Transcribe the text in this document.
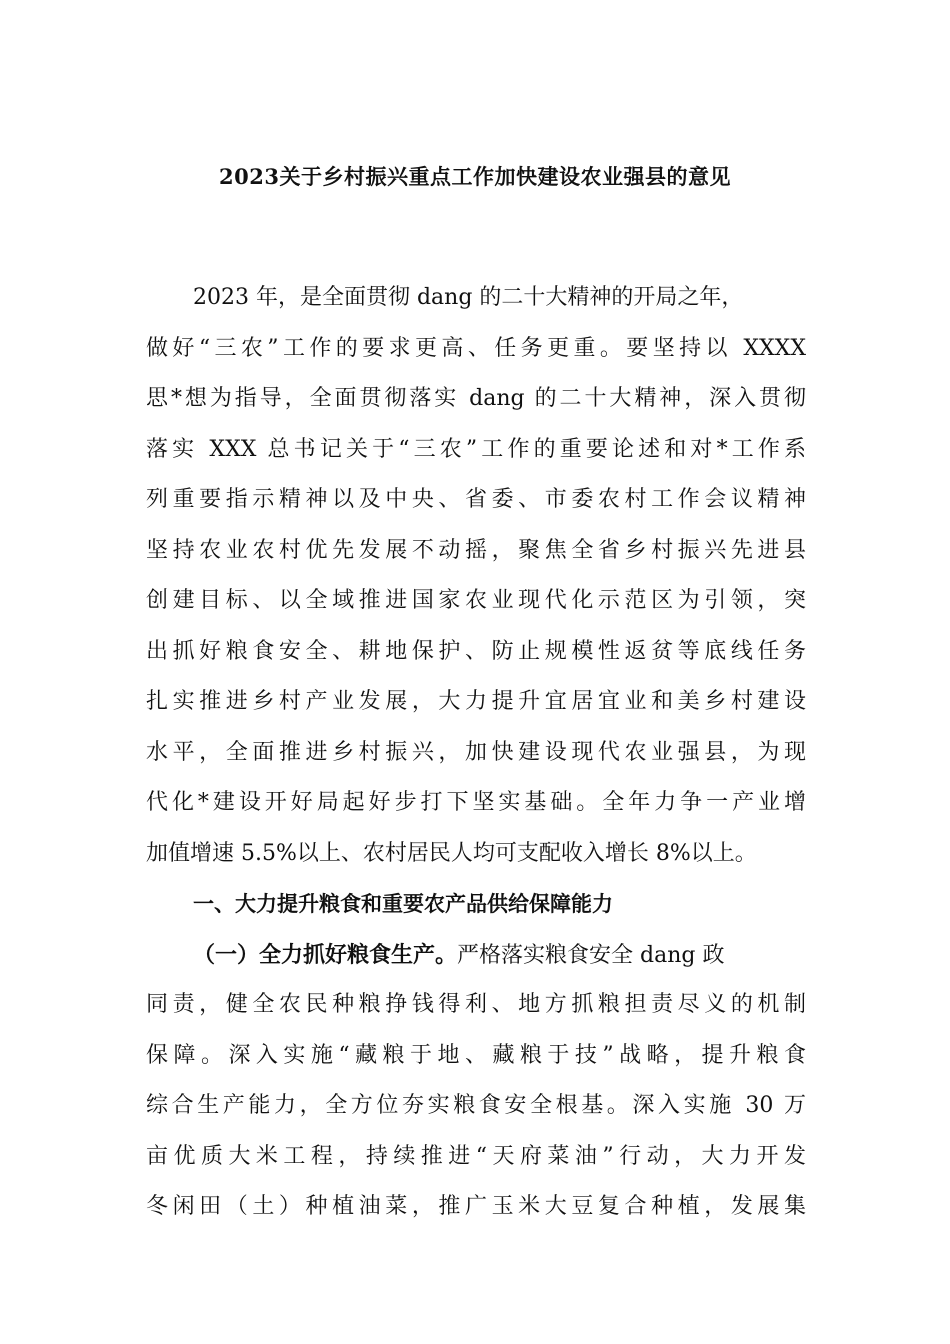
2023关于乡村振兴重点工作加快建设农业强县的意见
2023 年，是全面贯彻 dang 的二十大精神的开局之年，
做好“三农”工作的要求更高、任务更重。要坚持以 XXXX
思*想为指导，全面贯彻落实 dang 的二十大精神，深入贯彻
落实 XXX 总书记关于“三农”工作的重要论述和对*工作系
列重要指示精神以及中央、省委、市委农村工作会议精神
坚持农业农村优先发展不动摇，聚焦全省乡村振兴先进县
创建目标、以全域推进国家农业现代化示范区为引领，突
出抓好粮食安全、耕地保护、防止规模性返贫等底线任务
扎实推进乡村产业发展，大力提升宜居宜业和美乡村建设
水平，全面推进乡村振兴，加快建设现代农业强县，为现
代化*建设开好局起好步打下坚实基础。全年力争一产业增
加值增速 5.5%以上、农村居民人均可支配收入增长 8%以上。
一、大力提升粮食和重要农产品供给保障能力
（一）全力抓好粮食生产。严格落实粮食安全 dang 政
同责，健全农民种粮挣钱得利、地方抓粮担责尽义的机制
保障。深入实施“藏粮于地、藏粮于技”战略，提升粮食
综合生产能力，全方位夯实粮食安全根基。深入实施 30 万
亩优质大米工程，持续推进“天府菜油”行动，大力开发
冬闲田（土）种植油菜，推广玉米大豆复合种植，发展集
